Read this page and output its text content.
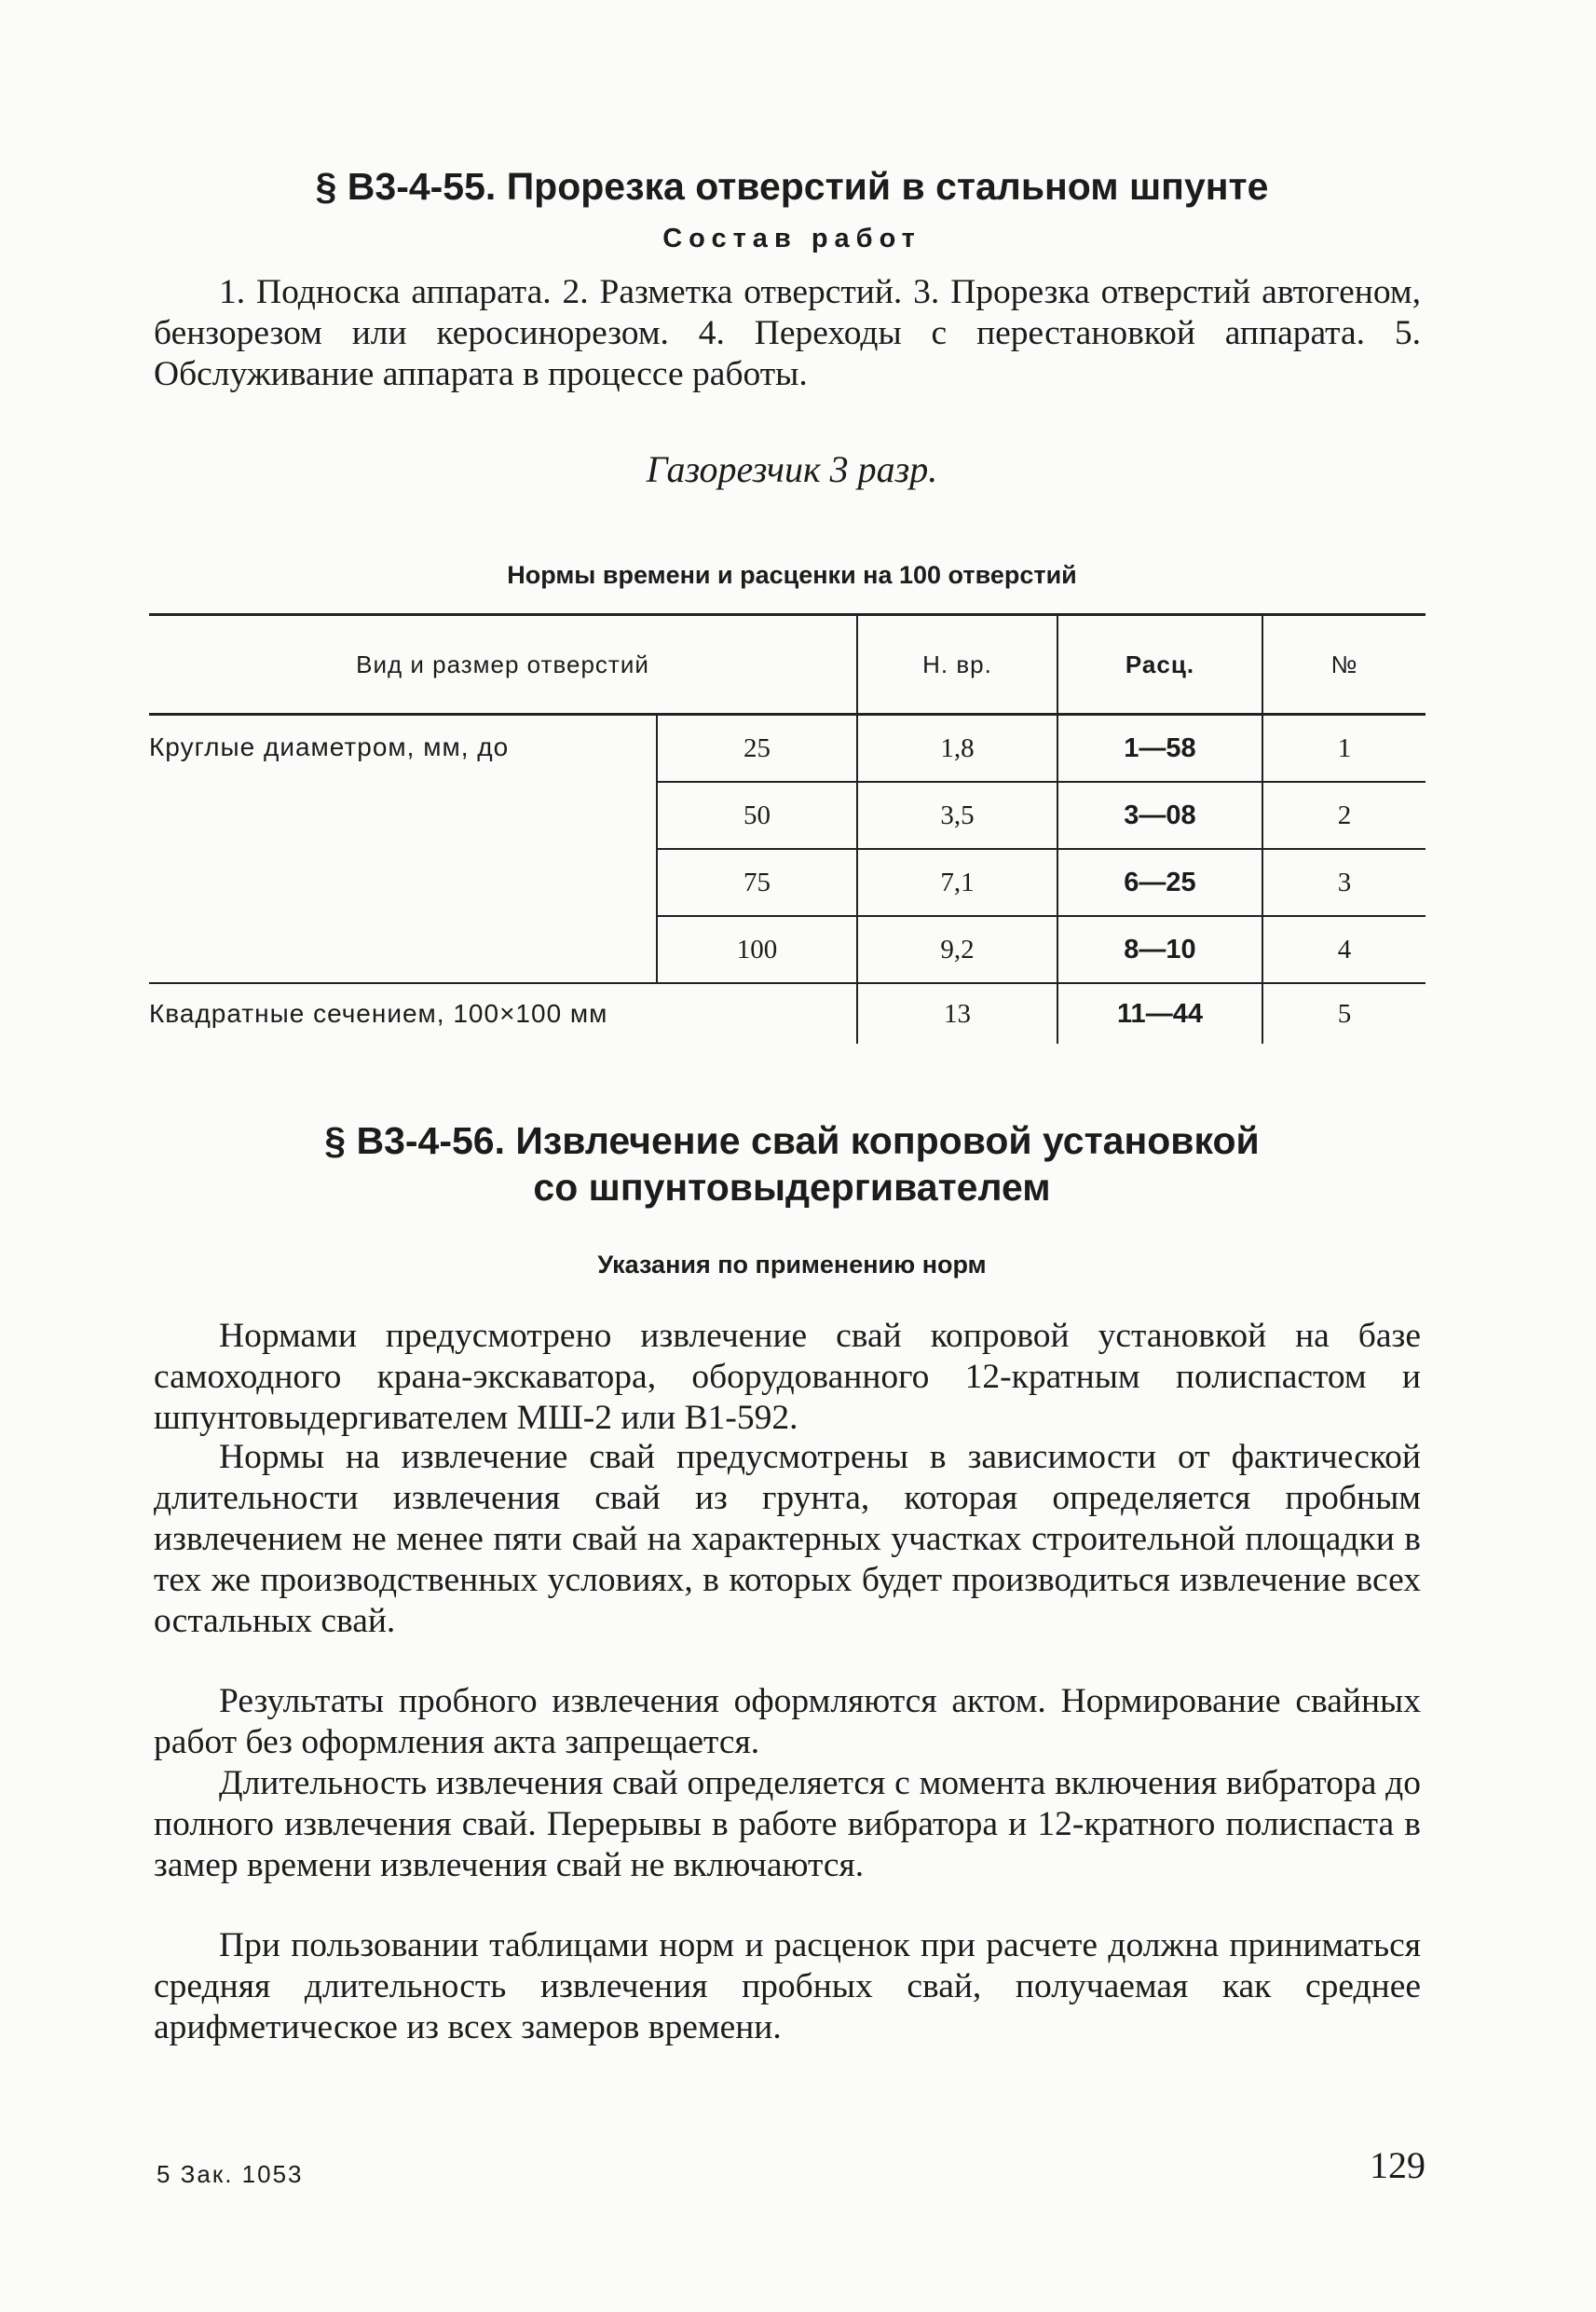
§ В3-4-55. Прорезка отверстий в стальном шпунте
Состав работ

1. Подноска аппарата. 2. Разметка отверстий. 3. Прорезка отверстий автогеном, бензорезом или керосинорезом. 4. Переходы с перестановкой аппарата. 5. Обслуживание аппарата в процессе работы.

Газорезчик 3 разр.
Нормы времени и расценки на 100 отверстий
Вид и размер отверстий		Н. вр.	Расц.	№
Круглые диаметром, мм, до	25	1,8	1—58	1
	50	3,5	3—08	2
	75	7,1	6—25	3
	100	9,2	8—10	4
Квадратные сечением, 100×100 мм		13	11—44	5
§ В3-4-56. Извлечение свай копровой установкой
со шпунтовыдергивателем
Указания по применению норм

Нормами предусмотрено извлечение свай копровой установкой на базе самоходного крана-экскаватора, оборудованного 12-кратным полиспастом и шпунтовыдергивателем МШ-2 или В1-592.

Нормы на извлечение свай предусмотрены в зависимости от фактической длительности извлечения свай из грунта, которая определяется пробным извлечением не менее пяти свай на характерных участках строительной площадки в тех же производственных условиях, в которых будет производиться извлечение всех остальных свай.

Результаты пробного извлечения оформляются актом. Нормирование свайных работ без оформления акта запрещается.

Длительность извлечения свай определяется с момента включения вибратора до полного извлечения свай. Перерывы в работе вибратора и 12-кратного полиспаста в замер времени извлечения свай не включаются.

При пользовании таблицами норм и расценок при расчете должна приниматься средняя длительность извлечения пробных свай, получаемая как среднее арифметическое из всех замеров времени.

5 Зак. 1053	129
